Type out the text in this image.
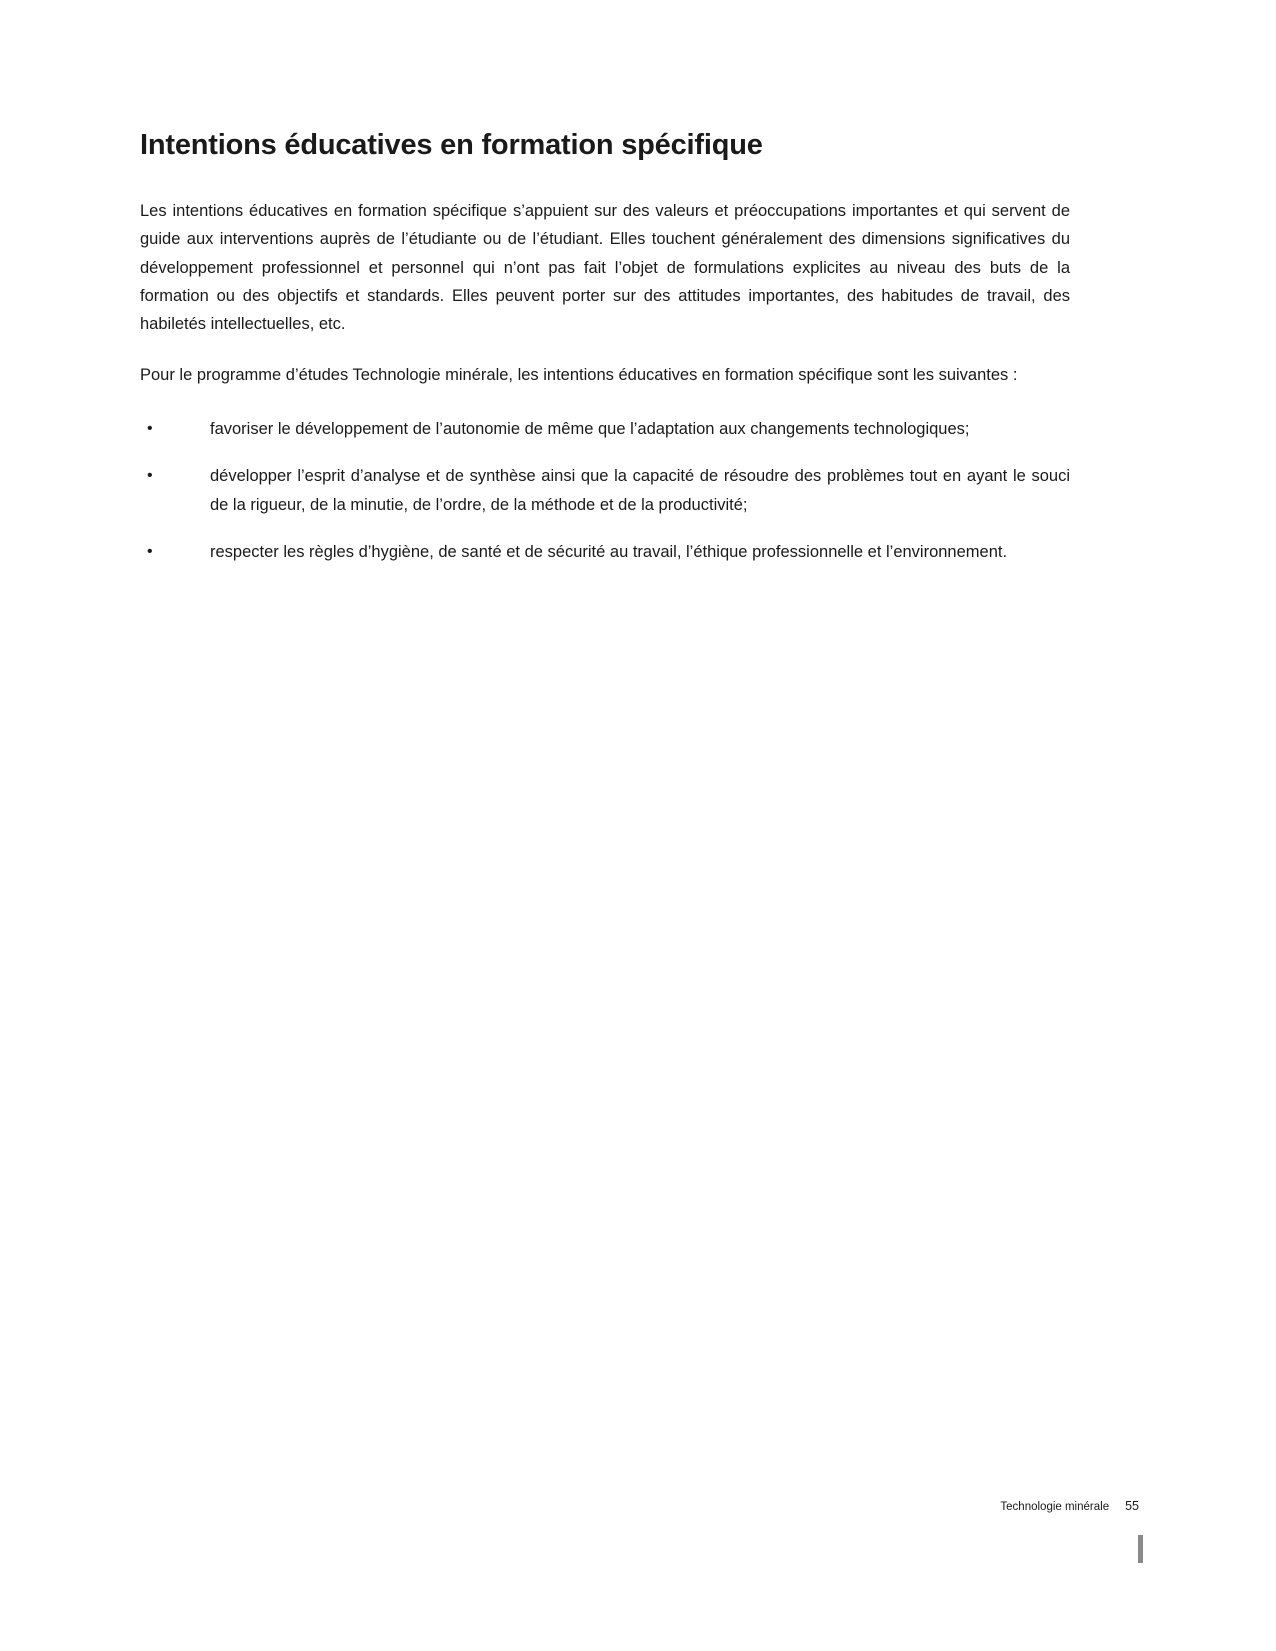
Intentions éducatives en formation spécifique

Les intentions éducatives en formation spécifique s’appuient sur des valeurs et préoccupations importantes et qui servent de guide aux interventions auprès de l’étudiante ou de l’étudiant. Elles touchent généralement des dimensions significatives du développement professionnel et personnel qui n’ont pas fait l’objet de formulations explicites au niveau des buts de la formation ou des objectifs et standards. Elles peuvent porter sur des attitudes importantes, des habitudes de travail, des habiletés intellectuelles, etc.

Pour le programme d’études Technologie minérale, les intentions éducatives en formation spécifique sont les suivantes :

•	favoriser le développement de l’autonomie de même que l’adaptation aux changements technologiques;
•	développer l’esprit d’analyse et de synthèse ainsi que la capacité de résoudre des problèmes tout en ayant le souci de la rigueur, de la minutie, de l’ordre, de la méthode et de la productivité;
•	respecter les règles d’hygiène, de santé et de sécurité au travail, l’éthique professionnelle et l’environnement.
Technologie minérale 55
